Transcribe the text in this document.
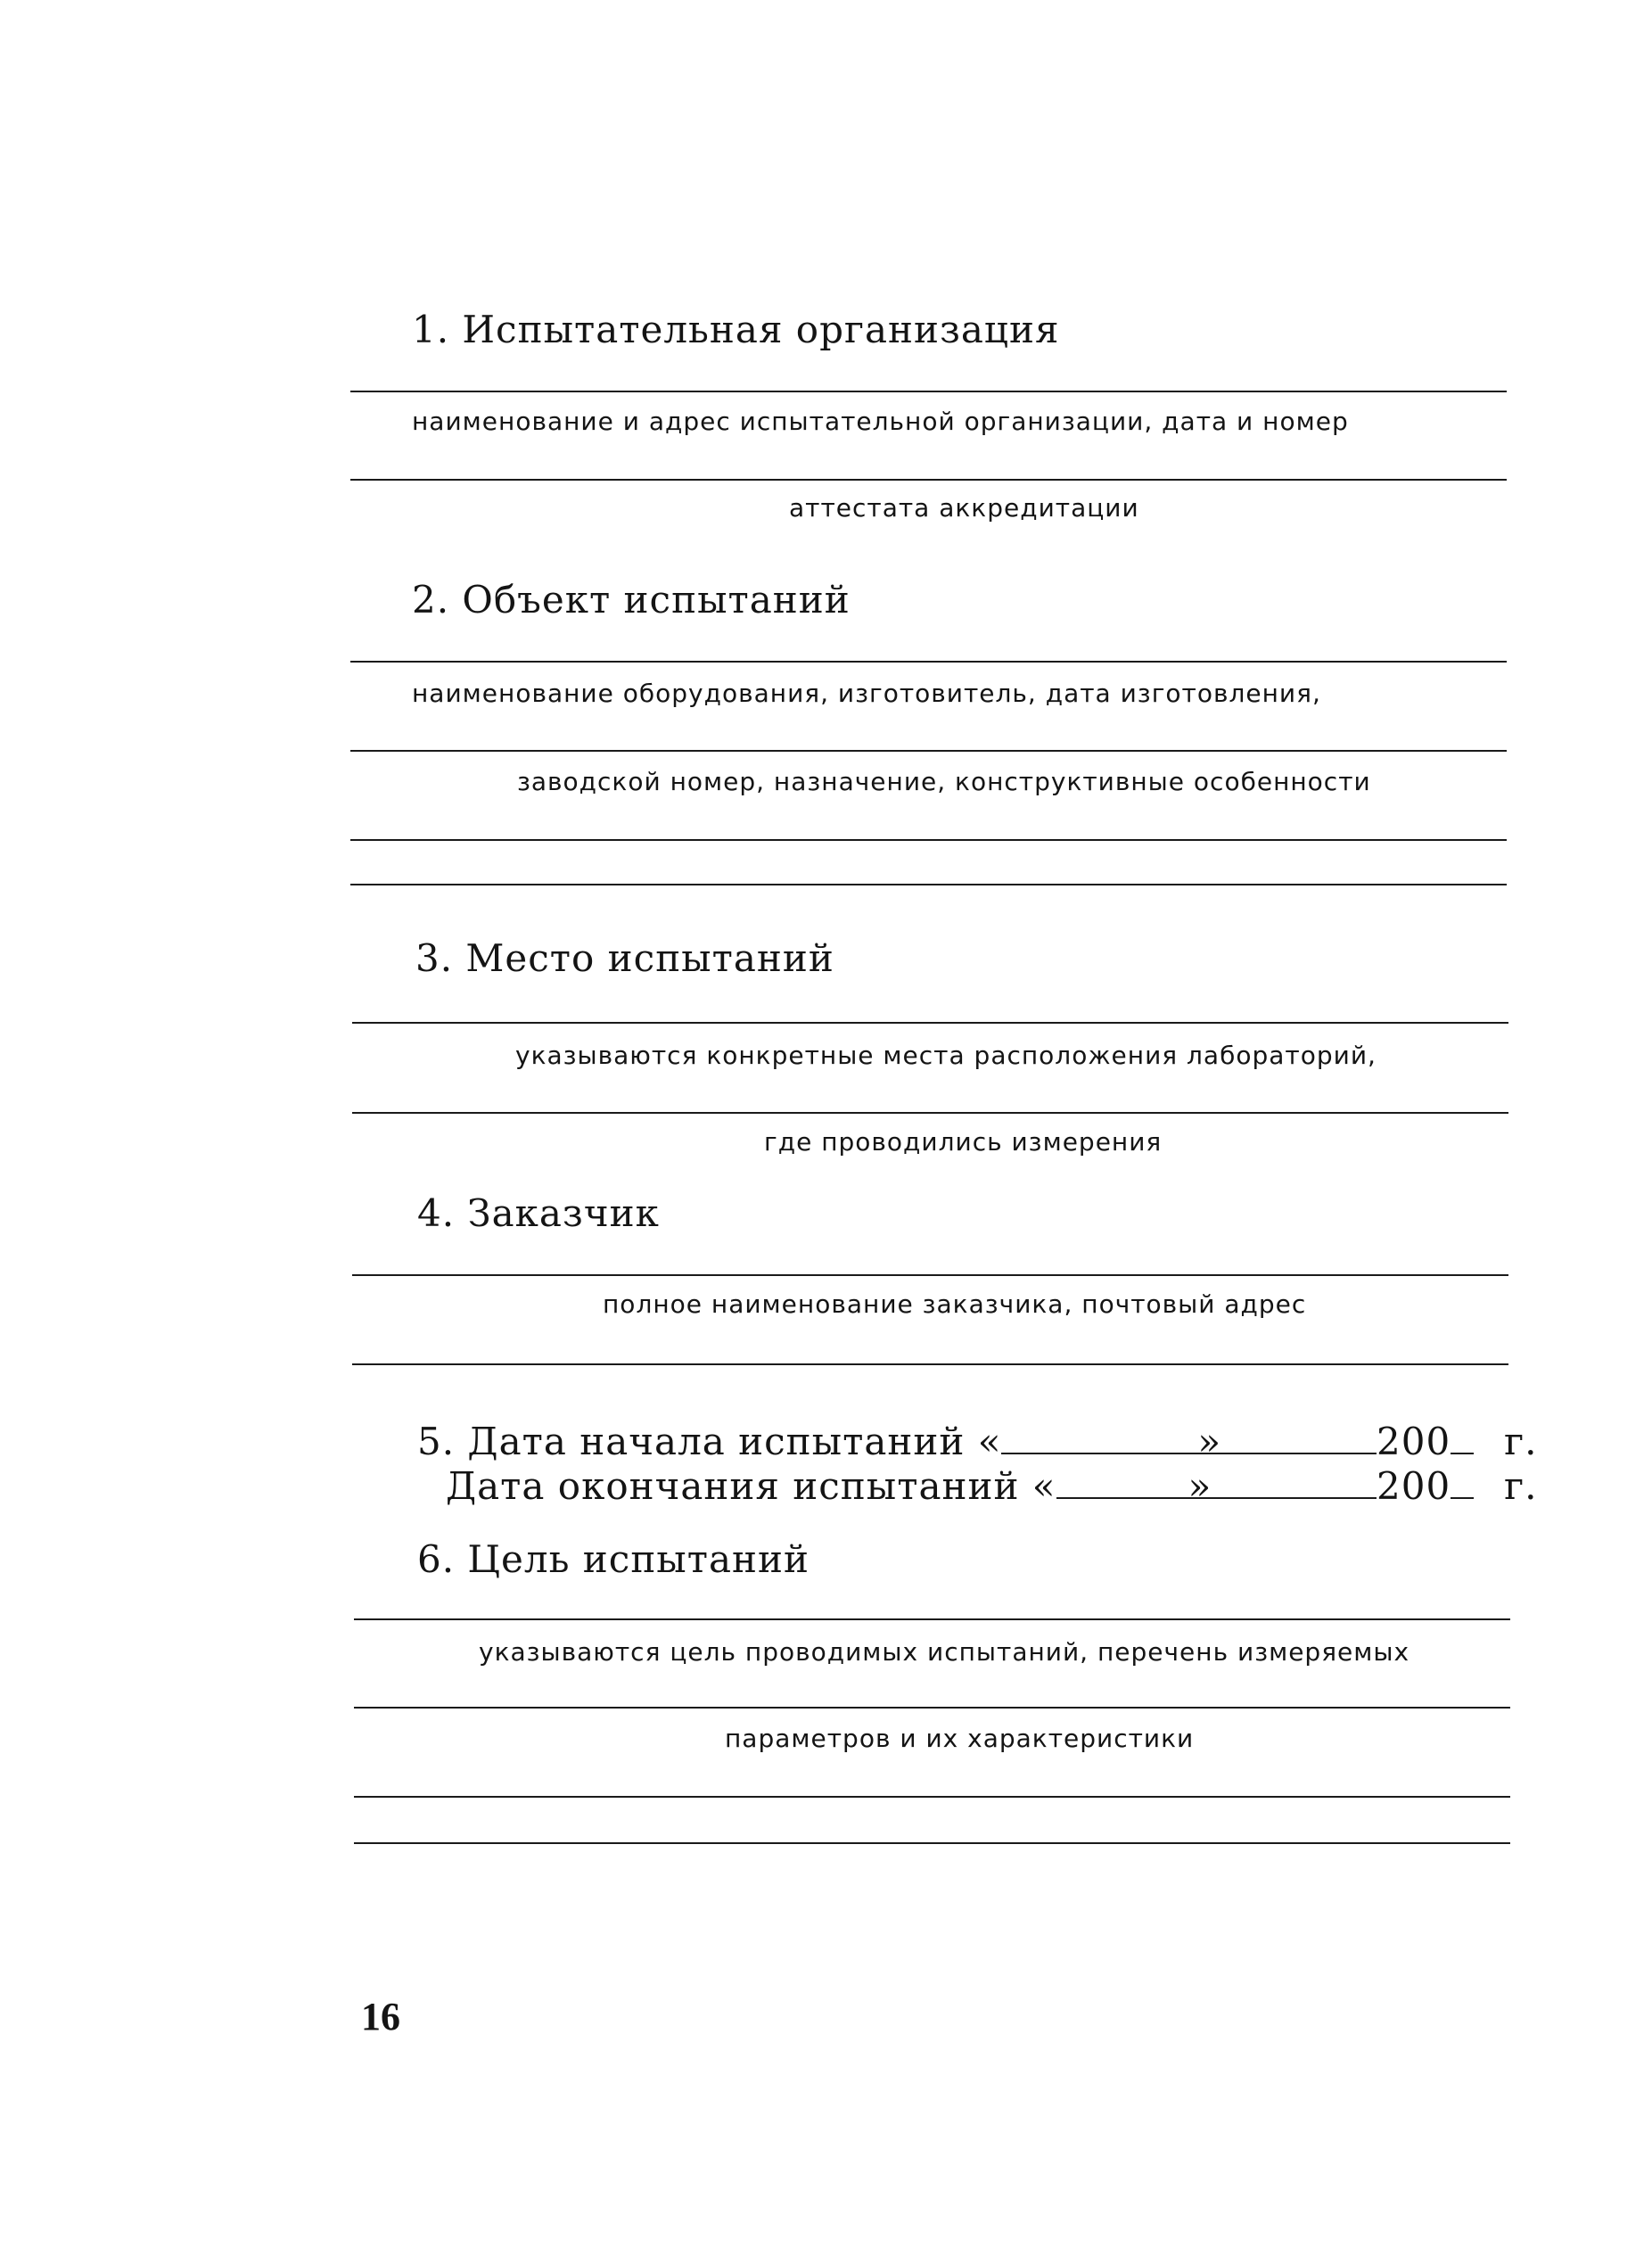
1. Испытательная организация
наименование и адрес испытательной организации, дата и номер
аттестата аккредитации
2. Объект испытаний
наименование оборудования, изготовитель, дата изготовления,
заводской номер, назначение, конструктивные особенности
3. Место испытаний
указываются конкретные места расположения лабораторий,
где проводились измерения
4. Заказчик
полное наименование заказчика, почтовый адрес
5. Дата начала испытаний «	»	200 г.
Дата окончания испытаний «	»	200 г.
6. Цель испытаний
указываются цель проводимых испытаний, перечень измеряемых
параметров и их характеристики
16
